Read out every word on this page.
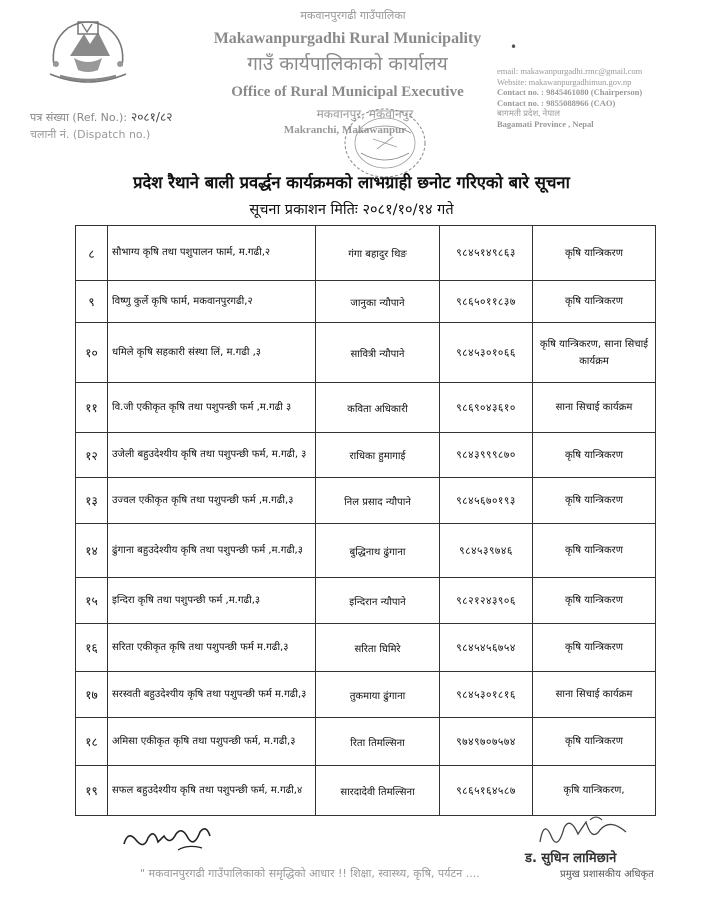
मकवानपुरगढी गाउँपालिका
Makawanpurgadhi Rural Municipality
गाउँ कार्यपालिकाको कार्यालय
Office of Rural Municipal Executive
मकवानपुर, मकवानपुर
Makranchi, Makawanpur
•
पत्र संख्या (Ref. No.): २०८१/८२
चलानी नं. (Dispatch no.)
email: makawanpurgadhi.rmc@gmail.com
Website: makawanpurgadhimun.gov.np
Contact no. : 9845461080 (Chairperson)
Contact no. : 9855088966 (CAO)
बागमती प्रदेश, नेपाल
Bagamati Province , Nepal
प्रदेश रैथाने बाली प्रवर्द्धन कार्यक्रमको लाभग्राही छनोट गरिएको बारे सूचना
सूचना प्रकाशन मितिः २०८१/१०/१४ गते
८	सौभाग्य कृषि तथा पशुपालन फार्म, म.गढी,२	गंगा बहादुर थिङ	९८४५१४९८६३	कृषि यान्त्रिकरण
९	विष्णु कुर्ले कृषि फार्म, मकवानपुरगढी,२	जानुका न्यौपाने	९८६५०११८३७	कृषि यान्त्रिकरण
१०	धमिले कृषि सहकारी संस्था लिं, म.गढी ,३	सावित्री न्यौपाने	९८४५३०१०६६	कृषि यान्त्रिकरण, साना सिचाई कार्यक्रम
११	वि.जी एकीकृत कृषि तथा पशुपन्छी फर्म ,म.गढी ३	कविता अधिकारी	९८६९०४३६१०	साना सिचाई कार्यक्रम
१२	उजेली बहुउदेश्यीय कृषि तथा पशुपन्छी फर्म, म.गढी, ३	राधिका हुमागाई	९८४३९९९८७०	कृषि यान्त्रिकरण
१३	उज्वल एकीकृत कृषि तथा पशुपन्छी फर्म ,म.गढी,३	निल प्रसाद न्यौपाने	९८४५६७०१९३	कृषि यान्त्रिकरण
१४	ढुंगाना बहुउदेश्यीय कृषि तथा पशुपन्छी फर्म ,म.गढी,३	बुद्धिनाथ ढुंगाना	९८४५३९७४६	कृषि यान्त्रिकरण
१५	इन्दिरा कृषि तथा पशुपन्छी फर्म ,म.गढी,३	इन्दिरान न्यौपाने	९८२१२४३९०६	कृषि यान्त्रिकरण
१६	सरिता एकीकृत कृषि तथा पशुपन्छी फर्म म.गढी,३	सरिता घिमिरे	९८४५४५६७५४	कृषि यान्त्रिकरण
१७	सरस्वती बहुउदेश्यीय कृषि तथा पशुपन्छी फर्म म.गढी,३	तुकमाया ढुंगाना	९८४५३०१८१६	साना सिचाई कार्यक्रम
१८	अमिसा एकीकृत कृषि तथा पशुपन्छी फर्म, म.गढी,३	रिता तिमल्सिना	९७४९७०७५७४	कृषि यान्त्रिकरण
१९	सफल बहुउदेश्यीय कृषि तथा पशुपन्छी फर्म, म.गढी,४	सारदादेवी तिमल्सिना	९८६५१६४५८७	कृषि यान्त्रिकरण,
ड. सुधिन लामिछाने
प्रमुख प्रशासकीय अधिकृत
" मकवानपुरगढी गाउँपालिकाको समृद्धिको आधार !! शिक्षा, स्वास्थ्य, कृषि, पर्यटन ....
